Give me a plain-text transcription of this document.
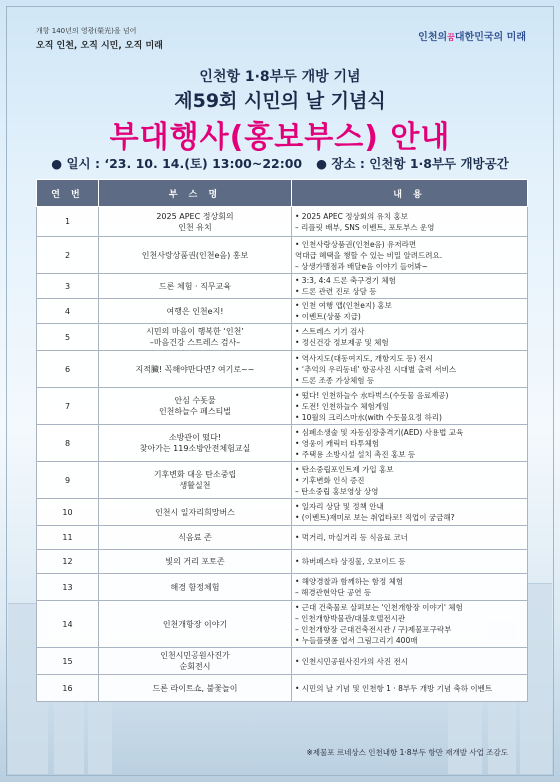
개항 140년의 영광(榮光)을 넘어
오직 인천, 오직 시민, 오직 미래
인천의꿈대한민국의 미래
인천항 1·8부두 개방 기념
제59회 시민의 날 기념식
부대행사(홍보부스) 안내
● 일시 : ‘23. 10. 14.(토) 13:00~22:00 ● 장소 : 인천항 1·8부두 개방공간
연 번	부 스 명	내 용
1	2025 APEC 정상회의
인천 유치	• 2025 APEC 정상회의 유치 홍보
– 리플릿 배부, SNS 이벤트, 포토부스 운영

2	인천사랑상품권(인천e음) 홍보	• 인천사랑상품권(인천e음) 유저라면
역대급 혜택을 챙할 수 있는 비밀 알려드려요.
– 상생가맹점과 배달e음 이야기 들어봐~

3	드론 체험 · 직무교육	• 3:3, 4:4 드론 축구경기 체험
• 드론 관련 진로 상담 등

4	여행은 인천e지!	• 인천 여행 앱(인천e지) 홍보
• 이벤트(상품 지급)

5	시민의 마음이 행복한 ‘인천’
–마음건강 스트레스 검사–	• 스트레스 기기 검사
• 정신건강 정보제공 및 체험

6	지적臟! 꼭해야만다면? 여기로~~	• 역사지도(대동여지도, 개항지도 등) 전시
• ‘추억의 우리동네’ 항공사진 시대별 출력 서비스
• 드론 조종 가상체험 등

7	안심 수돗물
인천하늘수 페스티벌	• 떴다! 인천하늘수 水타벅스(수돗물 음료제공)
• 도전! 인천하늘수 체험게임
• 10월의 크리스마水(with 수돗물요정 하리)

8	소방관이 떴다!
찾아가는 119소방안전체험교실	• 심폐소생술 및 자동심장충격기(AED) 사용법 교육
• 영웅이 캐릭터 타투체험
• 주택용 소방시설 설치 촉진 홍보 등

9	기후변화 대응 탄소중립
생활실천	• 탄소중립포인트제 가입 홍보
• 기후변화 인식 증진
– 탄소중립 홍보영상 상영

10	인천시 일자리희망버스	• 일자리 상담 및 정책 안내
• (이벤트)재미로 보는 취업타로! 직업이 궁금해?

11	식음료 존	• 먹거리, 마실거리 등 식음료 코너

12	빛의 거리 포토존	• 하버페스타 상징물, 오보이드 등

13	해경 함정체험	• 해양경찰과 함께하는 함정 체험
– 해경관현악단 공연 등

14	인천개항장 이야기	• 근대 건축물로 살펴보는 '인천개항장 이야기' 체험
– 인천개항박물관/대불호텔전시관
– 인천개항장 근대건축전시관 / 구)제물포구락부
• 누들플랫폼 엽서 그림그리기 400매

15	인천시민공원사진가
순회전시	• 인천시민공원사진가의 사진 전시

16	드론 라이트쇼, 불꽃놀이	• 시민의 날 기념 및 인천항 1 · 8부두 개방 기념 축하 이벤트
※제물포 르네상스 인천내항 1·8부두 항만 재개발 사업 조감도
